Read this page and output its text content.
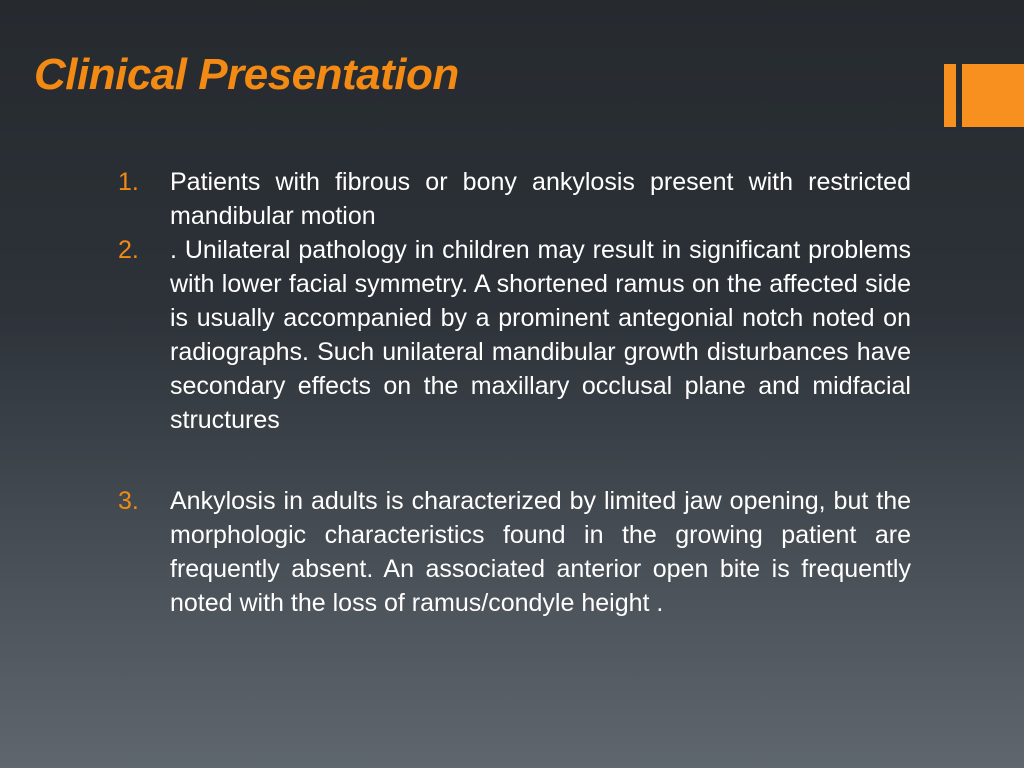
Clinical Presentation
1. Patients with fibrous or bony ankylosis present with restricted mandibular motion
2. . Unilateral pathology in children may result in significant problems with lower facial symmetry. A shortened ramus on the affected side is usually accompanied by a prominent antegonial notch noted on radiographs. Such unilateral mandibular growth disturbances have secondary effects on the maxillary occlusal plane and midfacial structures
3. Ankylosis in adults is characterized by limited jaw opening, but the morphologic characteristics found in the growing patient are frequently absent. An associated anterior open bite is frequently noted with the loss of ramus/condyle height .
